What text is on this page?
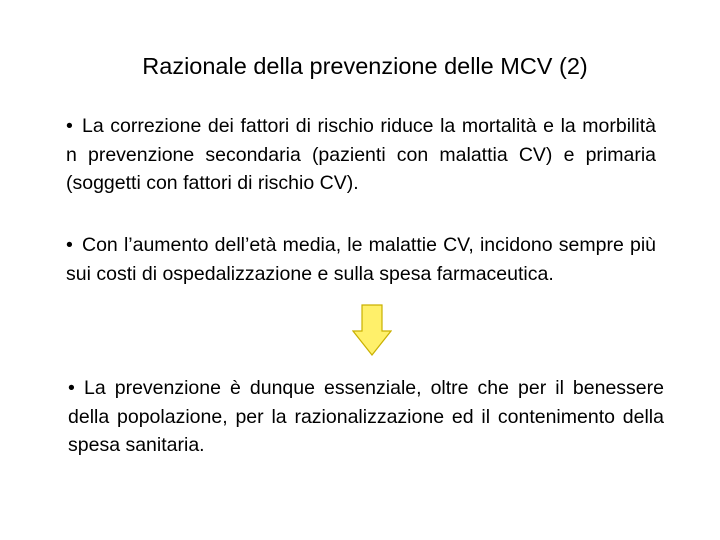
Razionale della prevenzione delle MCV (2)
• La correzione dei fattori di rischio riduce la mortalità e la morbilità n prevenzione secondaria (pazienti con malattia CV) e primaria (soggetti con fattori di rischio CV).
• Con l’aumento dell’età media, le malattie CV, incidono sempre più sui costi di ospedalizzazione e sulla spesa farmaceutica.
• La prevenzione è dunque essenziale, oltre che per il benessere della popolazione, per la razionalizzazione ed il contenimento della spesa sanitaria.
